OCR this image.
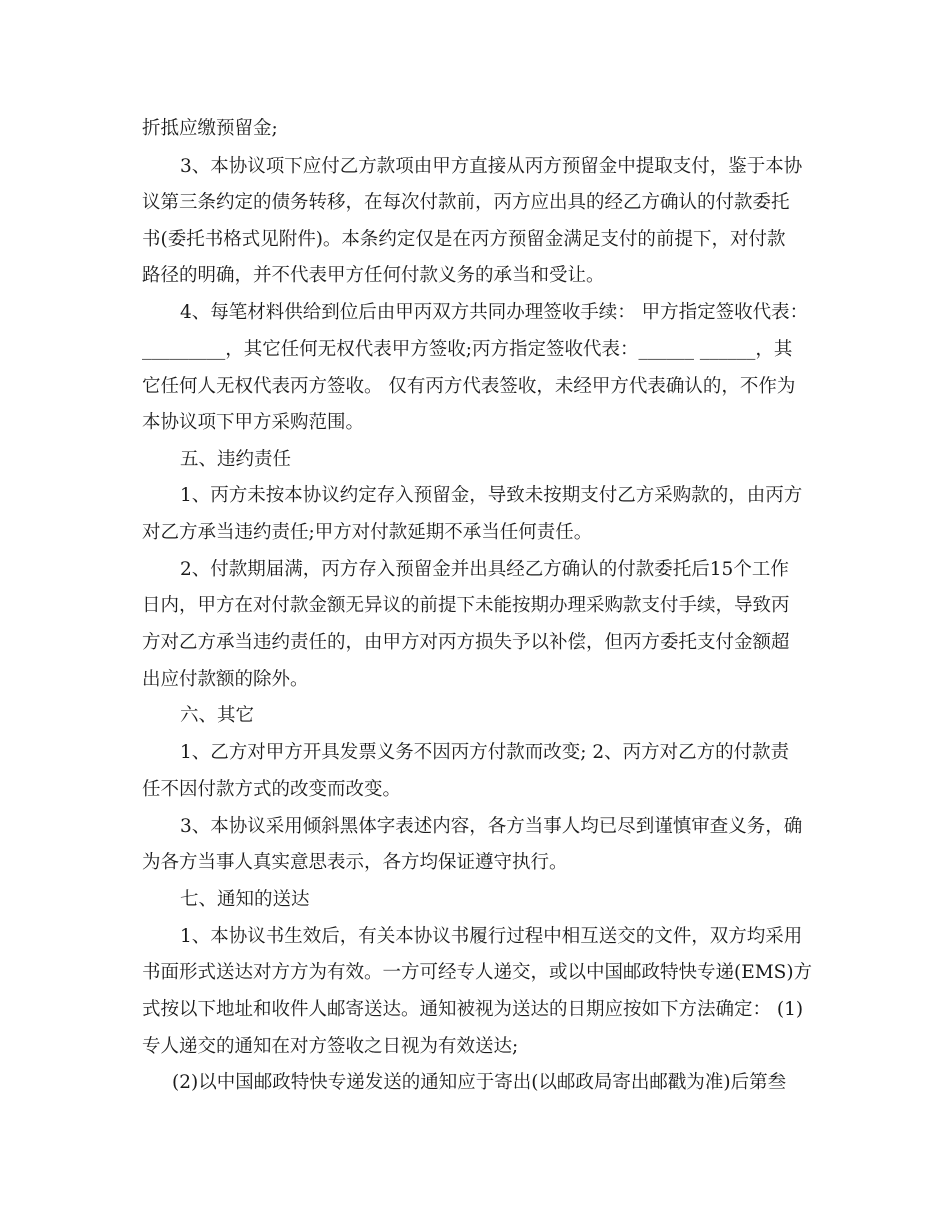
折抵应缴预留金;
3、本协议项下应付乙方款项由甲方直接从丙方预留金中提取支付，鉴于本协
议第三条约定的债务转移，在每次付款前，丙方应出具的经乙方确认的付款委托
书(委托书格式见附件)。本条约定仅是在丙方预留金满足支付的前提下，对付款
路径的明确，并不代表甲方任何付款义务的承当和受让。
4、每笔材料供给到位后由甲丙双方共同办理签收手续： 甲方指定签收代表：
_________，其它任何无权代表甲方签收;丙方指定签收代表：______ ______，其
它任何人无权代表丙方签收。 仅有丙方代表签收，未经甲方代表确认的，不作为
本协议项下甲方采购范围。
五、违约责任
1、丙方未按本协议约定存入预留金，导致未按期支付乙方采购款的，由丙方
对乙方承当违约责任;甲方对付款延期不承当任何责任。
2、付款期届满，丙方存入预留金并出具经乙方确认的付款委托后15个工作
日内，甲方在对付款金额无异议的前提下未能按期办理采购款支付手续，导致丙
方对乙方承当违约责任的，由甲方对丙方损失予以补偿，但丙方委托支付金额超
出应付款额的除外。
六、其它
1、乙方对甲方开具发票义务不因丙方付款而改变; 2、丙方对乙方的付款责
任不因付款方式的改变而改变。
3、本协议采用倾斜黑体字表述内容，各方当事人均已尽到谨慎审查义务，确
为各方当事人真实意思表示，各方均保证遵守执行。
七、通知的送达
1、本协议书生效后，有关本协议书履行过程中相互送交的文件，双方均采用
书面形式送达对方方为有效。一方可经专人递交，或以中国邮政特快专递(EMS)方
式按以下地址和收件人邮寄送达。通知被视为送达的日期应按如下方法确定： (1)
专人递交的通知在对方签收之日视为有效送达;
(2)以中国邮政特快专递发送的通知应于寄出(以邮政局寄出邮戳为准)后第叁
